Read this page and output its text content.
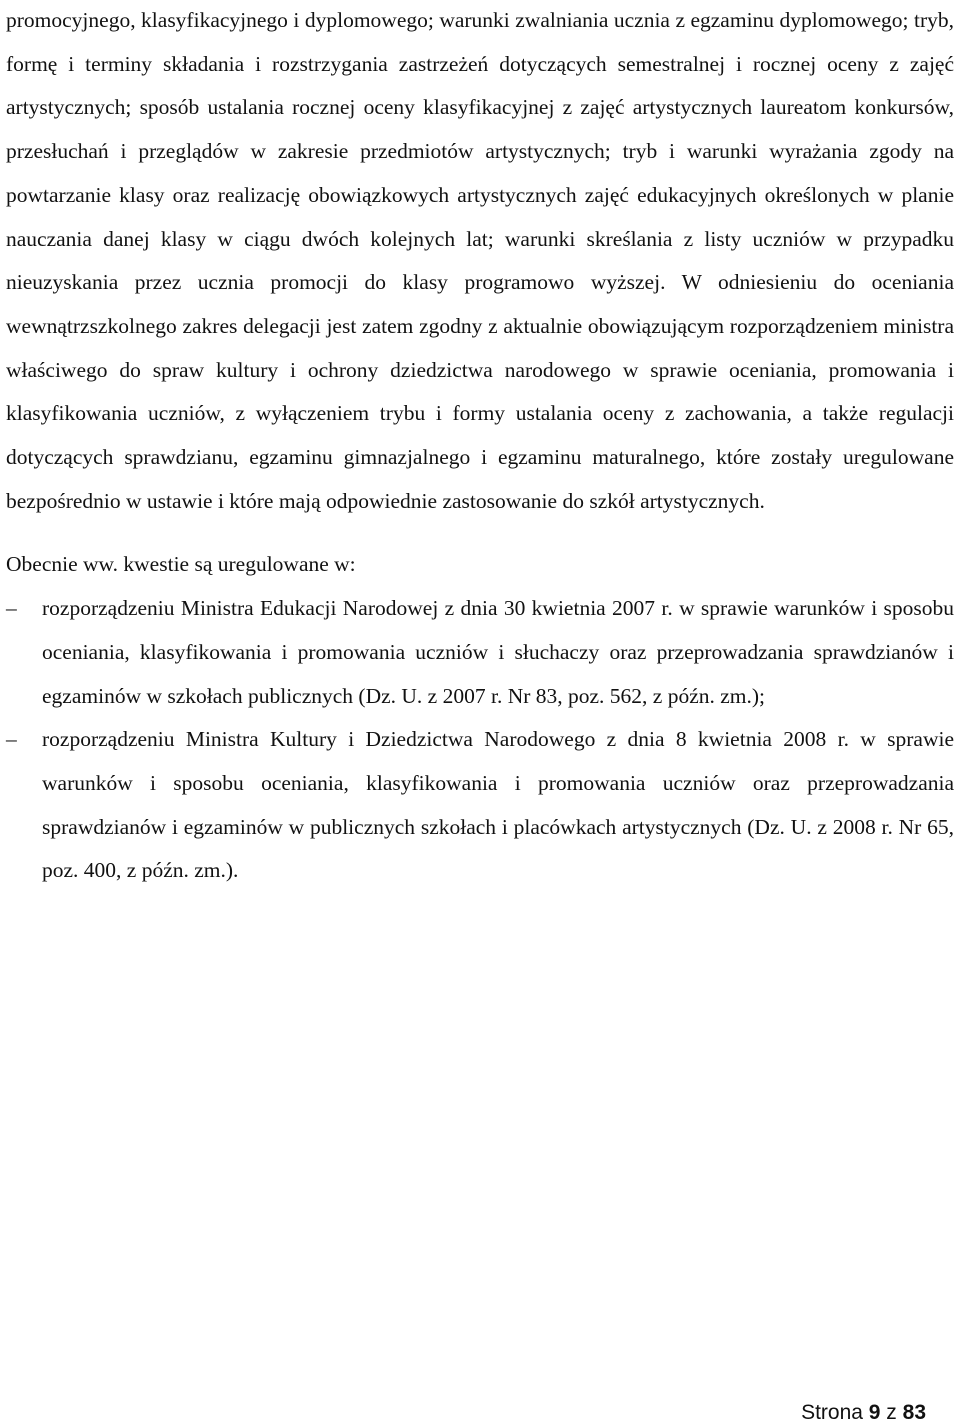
promocyjnego, klasyfikacyjnego i dyplomowego; warunki zwalniania ucznia z egzaminu dyplomowego; tryb, formę i terminy składania i rozstrzygania zastrzeżeń dotyczących semestralnej i rocznej oceny z zajęć artystycznych; sposób ustalania rocznej oceny klasyfikacyjnej z zajęć artystycznych laureatom konkursów, przesłuchań i przeglądów w zakresie przedmiotów artystycznych; tryb i warunki wyrażania zgody na powtarzanie klasy oraz realizację obowiązkowych artystycznych zajęć edukacyjnych określonych w planie nauczania danej klasy w ciągu dwóch kolejnych lat; warunki skreślania z listy uczniów w przypadku nieuzyskania przez ucznia promocji do klasy programowo wyższej. W odniesieniu do oceniania wewnątrzszkolnego zakres delegacji jest zatem zgodny z aktualnie obowiązującym rozporządzeniem ministra właściwego do spraw kultury i ochrony dziedzictwa narodowego w sprawie oceniania, promowania i klasyfikowania uczniów, z wyłączeniem trybu i formy ustalania oceny z zachowania, a także regulacji dotyczących sprawdzianu, egzaminu gimnazjalnego i egzaminu maturalnego, które zostały uregulowane bezpośrednio w ustawie i które mają odpowiednie zastosowanie do szkół artystycznych.

Obecnie ww. kwestie są uregulowane w:

– rozporządzeniu Ministra Edukacji Narodowej z dnia 30 kwietnia 2007 r. w sprawie warunków i sposobu oceniania, klasyfikowania i promowania uczniów i słuchaczy oraz przeprowadzania sprawdzianów i egzaminów w szkołach publicznych (Dz. U. z 2007 r. Nr 83, poz. 562, z późn. zm.);

– rozporządzeniu Ministra Kultury i Dziedzictwa Narodowego z dnia 8 kwietnia 2008 r. w sprawie warunków i sposobu oceniania, klasyfikowania i promowania uczniów oraz przeprowadzania sprawdzianów i egzaminów w publicznych szkołach i placówkach artystycznych (Dz. U. z 2008 r. Nr 65, poz. 400, z późn. zm.).

Strona 9 z 83
